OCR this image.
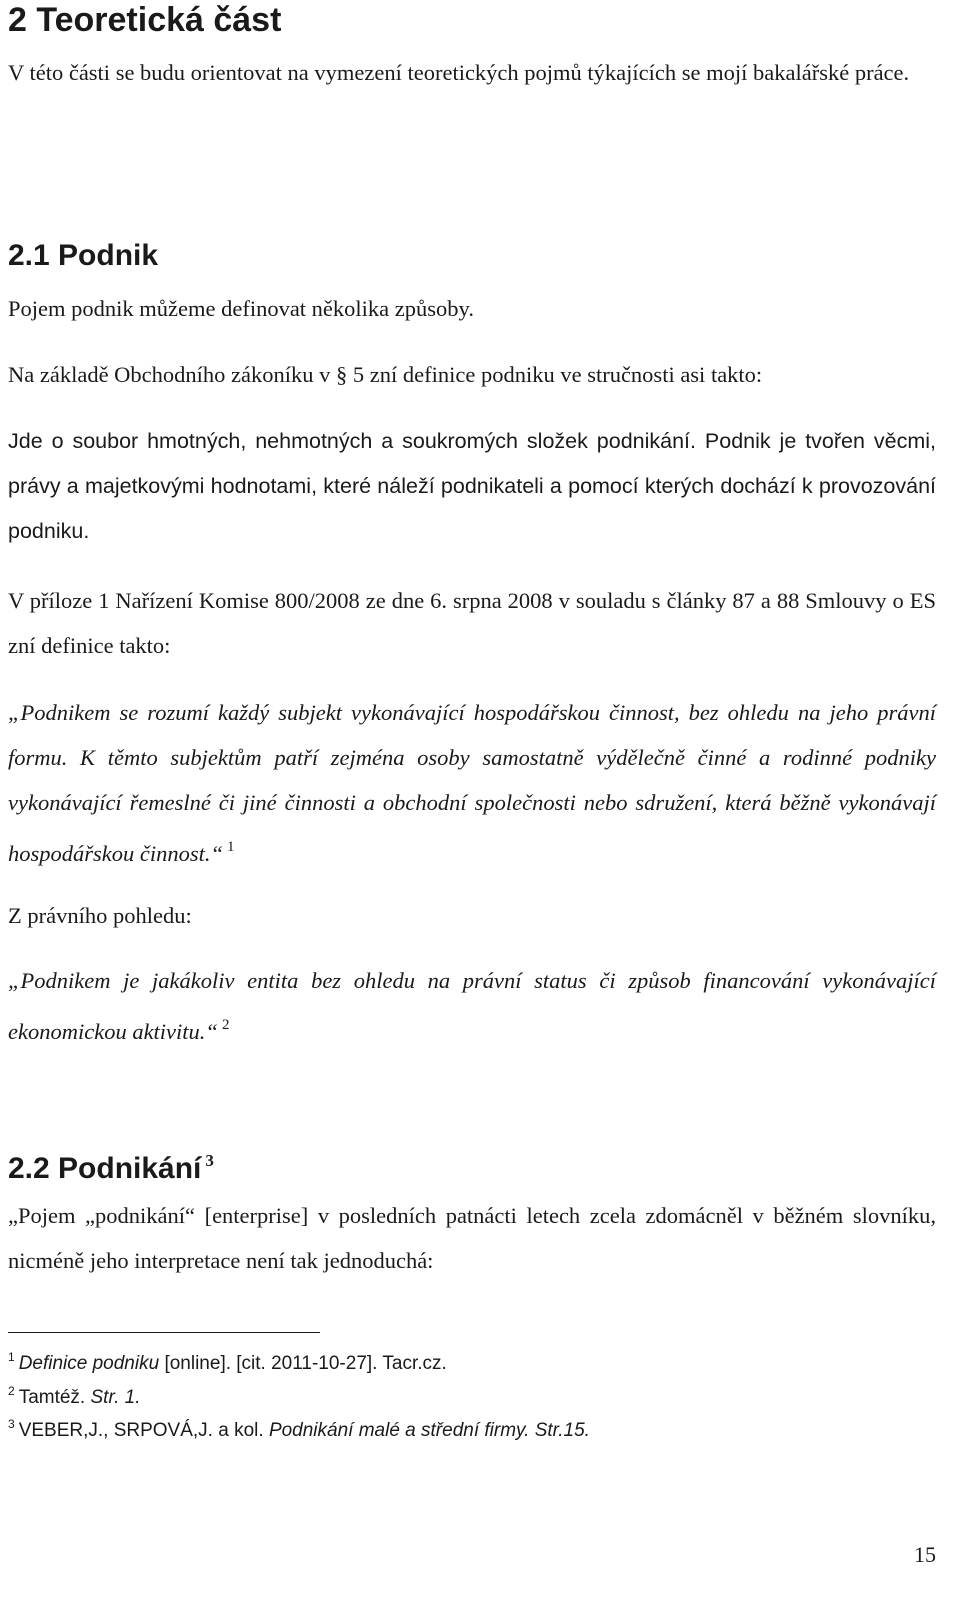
2 Teoretická část

V této části se budu orientovat na vymezení teoretických pojmů týkajících se mojí bakalářské práce.

2.1 Podnik

Pojem podnik můžeme definovat několika způsoby.

Na základě Obchodního zákoníku v § 5 zní definice podniku ve stručnosti asi takto:

Jde o soubor hmotných, nehmotných a soukromých složek podnikání. Podnik je tvořen věcmi, právy a majetkovými hodnotami, které náleží podnikateli a pomocí kterých dochází k provozování podniku.

V příloze 1 Nařízení Komise 800/2008 ze dne 6. srpna 2008 v souladu s články 87 a 88 Smlouvy o ES zní definice takto:

„Podnikem se rozumí každý subjekt vykonávající hospodářskou činnost, bez ohledu na jeho právní formu. K těmto subjektům patří zejména osoby samostatně výdělečně činné a rodinné podniky vykonávající řemeslné či jiné činnosti a obchodní společnosti nebo sdružení, která běžně vykonávají hospodářskou činnost.“ $^1$

Z právního pohledu:

„Podnikem je jakákoliv entita bez ohledu na právní status či způsob financování vykonávající ekonomickou aktivitu.“ $^2$

2.2 Podnikání $^3$

„Pojem „podnikání“ [enterprise] v posledních patnácti letech zcela zdomácněl v běžném slovníku, nicméně jeho interpretace není tak jednoduchá:

$^1$ Definice podniku [online]. [cit. 2011-10-27]. Tacr.cz.
$^2$ Tamtéž. Str. 1.
$^3$ VEBER,J., SRPOVÁ,J. a kol. Podnikání malé a střední firmy. Str.15.
15
